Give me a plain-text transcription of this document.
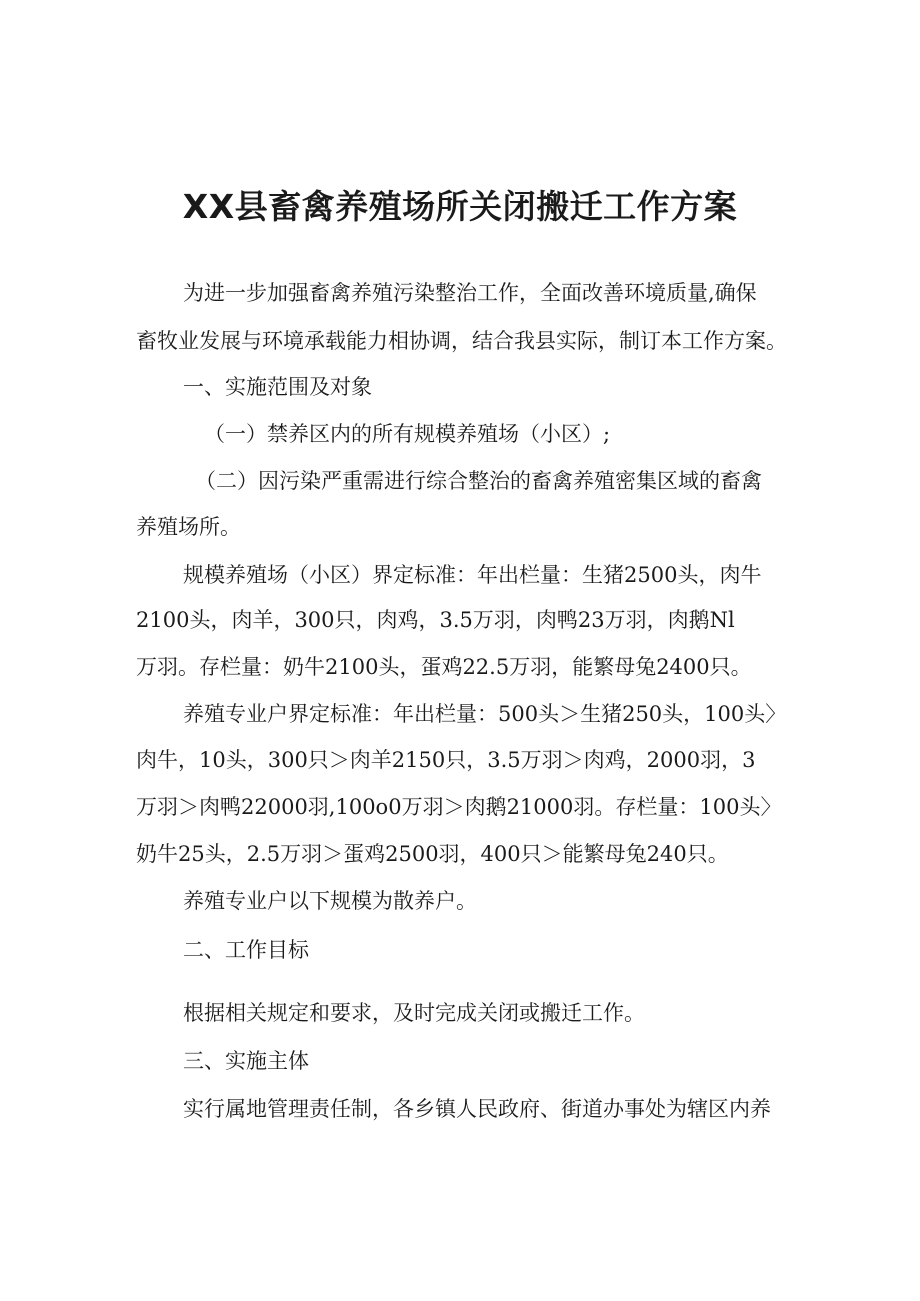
XX县畜禽养殖场所关闭搬迁工作方案

为进一步加强畜禽养殖污染整治工作，全面改善环境质量,确保

畜牧业发展与环境承载能力相协调，结合我县实际，制订本工作方案。

一、实施范围及对象

（一）禁养区内的所有规模养殖场（小区）;

（二）因污染严重需进行综合整治的畜禽养殖密集区域的畜禽

养殖场所。

规模养殖场（小区）界定标准：年出栏量：生猪2500头，肉牛

2100头，肉羊，300只，肉鸡，3.5万羽，肉鸭23万羽，肉鹅Nl

万羽。存栏量：奶牛2100头，蛋鸡22.5万羽，能繁母兔2400只。

养殖专业户界定标准：年出栏量：500头＞生猪250头，100头〉

肉牛，10头，300只＞肉羊2150只，3.5万羽＞肉鸡，2000羽，3

万羽＞肉鸭22000羽,100o0万羽＞肉鹅21000羽。存栏量：100头〉

奶牛25头，2.5万羽＞蛋鸡2500羽，400只＞能繁母兔240只。

养殖专业户以下规模为散养户。

二、工作目标

根据相关规定和要求，及时完成关闭或搬迁工作。

三、实施主体

实行属地管理责任制，各乡镇人民政府、街道办事处为辖区内养
